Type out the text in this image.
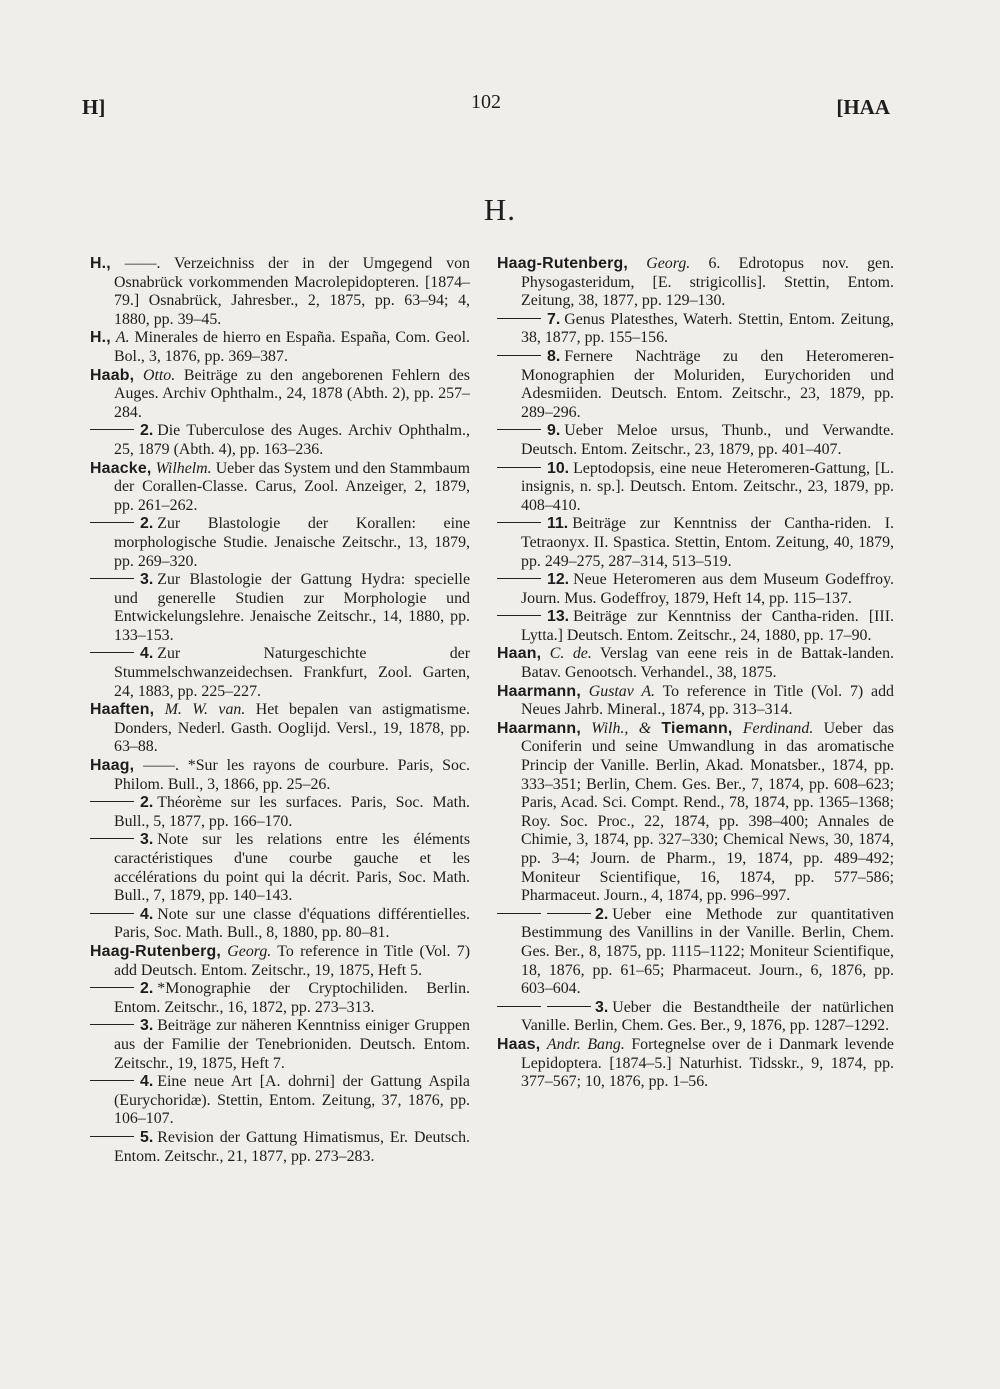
H]	102	[HAA
H.

H., ——. Verzeichniss der in der Umgegend von Osnabrück vorkommenden Macrolepidopteren. [1874–79.] Osnabrück, Jahresber., 2, 1875, pp. 63–94; 4, 1880, pp. 39–45.

H., A. Minerales de hierro en España. España, Com. Geol. Bol., 3, 1876, pp. 369–387.

Haab, Otto. Beiträge zu den angeborenen Fehlern des Auges. Archiv Ophthalm., 24, 1878 (Abth. 2), pp. 257–284.

2. Die Tuberculose des Auges. Archiv Ophthalm., 25, 1879 (Abth. 4), pp. 163–236.

Haacke, Wilhelm. Ueber das System und den Stammbaum der Corallen-Classe. Carus, Zool. Anzeiger, 2, 1879, pp. 261–262.

2. Zur Blastologie der Korallen: eine morphologische Studie. Jenaische Zeitschr., 13, 1879, pp. 269–320.

3. Zur Blastologie der Gattung Hydra: specielle und generelle Studien zur Morphologie und Entwickelungslehre. Jenaische Zeitschr., 14, 1880, pp. 133–153.

4. Zur Naturgeschichte der Stummelschwanzeidechsen. Frankfurt, Zool. Garten, 24, 1883, pp. 225–227.

Haaften, M. W. van. Het bepalen van astigmatisme. Donders, Nederl. Gasth. Ooglijd. Versl., 19, 1878, pp. 63–88.

Haag, ——. *Sur les rayons de courbure. Paris, Soc. Philom. Bull., 3, 1866, pp. 25–26.

2. Théorème sur les surfaces. Paris, Soc. Math. Bull., 5, 1877, pp. 166–170.

3. Note sur les relations entre les éléments caractéristiques d'une courbe gauche et les accélérations du point qui la décrit. Paris, Soc. Math. Bull., 7, 1879, pp. 140–143.

4. Note sur une classe d'équations différentielles. Paris, Soc. Math. Bull., 8, 1880, pp. 80–81.

Haag-Rutenberg, Georg. To reference in Title (Vol. 7) add Deutsch. Entom. Zeitschr., 19, 1875, Heft 5.

2. *Monographie der Cryptochiliden. Berlin. Entom. Zeitschr., 16, 1872, pp. 273–313.

3. Beiträge zur näheren Kenntniss einiger Gruppen aus der Familie der Tenebrioniden. Deutsch. Entom. Zeitschr., 19, 1875, Heft 7.

4. Eine neue Art [A. dohrni] der Gattung Aspila (Eurychoridæ). Stettin, Entom. Zeitung, 37, 1876, pp. 106–107.

5. Revision der Gattung Himatismus, Er. Deutsch. Entom. Zeitschr., 21, 1877, pp. 273–283.

Haag-Rutenberg, Georg. 6. Edrotopus nov. gen. Physogasteridum, [E. strigicollis]. Stettin, Entom. Zeitung, 38, 1877, pp. 129–130.

7. Genus Platesthes, Waterh. Stettin, Entom. Zeitung, 38, 1877, pp. 155–156.

8. Fernere Nachträge zu den Heteromeren-Monographien der Moluriden, Eurychoriden und Adesmiiden. Deutsch. Entom. Zeitschr., 23, 1879, pp. 289–296.

9. Ueber Meloe ursus, Thunb., und Verwandte. Deutsch. Entom. Zeitschr., 23, 1879, pp. 401–407.

10. Leptodopsis, eine neue Heteromeren-Gattung, [L. insignis, n. sp.]. Deutsch. Entom. Zeitschr., 23, 1879, pp. 408–410.

11. Beiträge zur Kenntniss der Cantha-riden. I. Tetraonyx. II. Spastica. Stettin, Entom. Zeitung, 40, 1879, pp. 249–275, 287–314, 513–519.

12. Neue Heteromeren aus dem Museum Godeffroy. Journ. Mus. Godeffroy, 1879, Heft 14, pp. 115–137.

13. Beiträge zur Kenntniss der Cantha-riden. [III. Lytta.] Deutsch. Entom. Zeitschr., 24, 1880, pp. 17–90.

Haan, C. de. Verslag van eene reis in de Battak-landen. Batav. Genootsch. Verhandel., 38, 1875.

Haarmann, Gustav A. To reference in Title (Vol. 7) add Neues Jahrb. Mineral., 1874, pp. 313–314.

Haarmann, Wilh., & Tiemann, Ferdinand. Ueber das Coniferin und seine Umwandlung in das aromatische Princip der Vanille. Berlin, Akad. Monatsber., 1874, pp. 333–351; Berlin, Chem. Ges. Ber., 7, 1874, pp. 608–623; Paris, Acad. Sci. Compt. Rend., 78, 1874, pp. 1365–1368; Roy. Soc. Proc., 22, 1874, pp. 398–400; Annales de Chimie, 3, 1874, pp. 327–330; Chemical News, 30, 1874, pp. 3–4; Journ. de Pharm., 19, 1874, pp. 489–492; Moniteur Scientifique, 16, 1874, pp. 577–586; Pharmaceut. Journ., 4, 1874, pp. 996–997.

2. Ueber eine Methode zur quantitativen Bestimmung des Vanillins in der Vanille. Berlin, Chem. Ges. Ber., 8, 1875, pp. 1115–1122; Moniteur Scientifique, 18, 1876, pp. 61–65; Pharmaceut. Journ., 6, 1876, pp. 603–604.

3. Ueber die Bestandtheile der natürlichen Vanille. Berlin, Chem. Ges. Ber., 9, 1876, pp. 1287–1292.

Haas, Andr. Bang. Fortegnelse over de i Danmark levende Lepidoptera. [1874–5.] Naturhist. Tidsskr., 9, 1874, pp. 377–567; 10, 1876, pp. 1–56.
